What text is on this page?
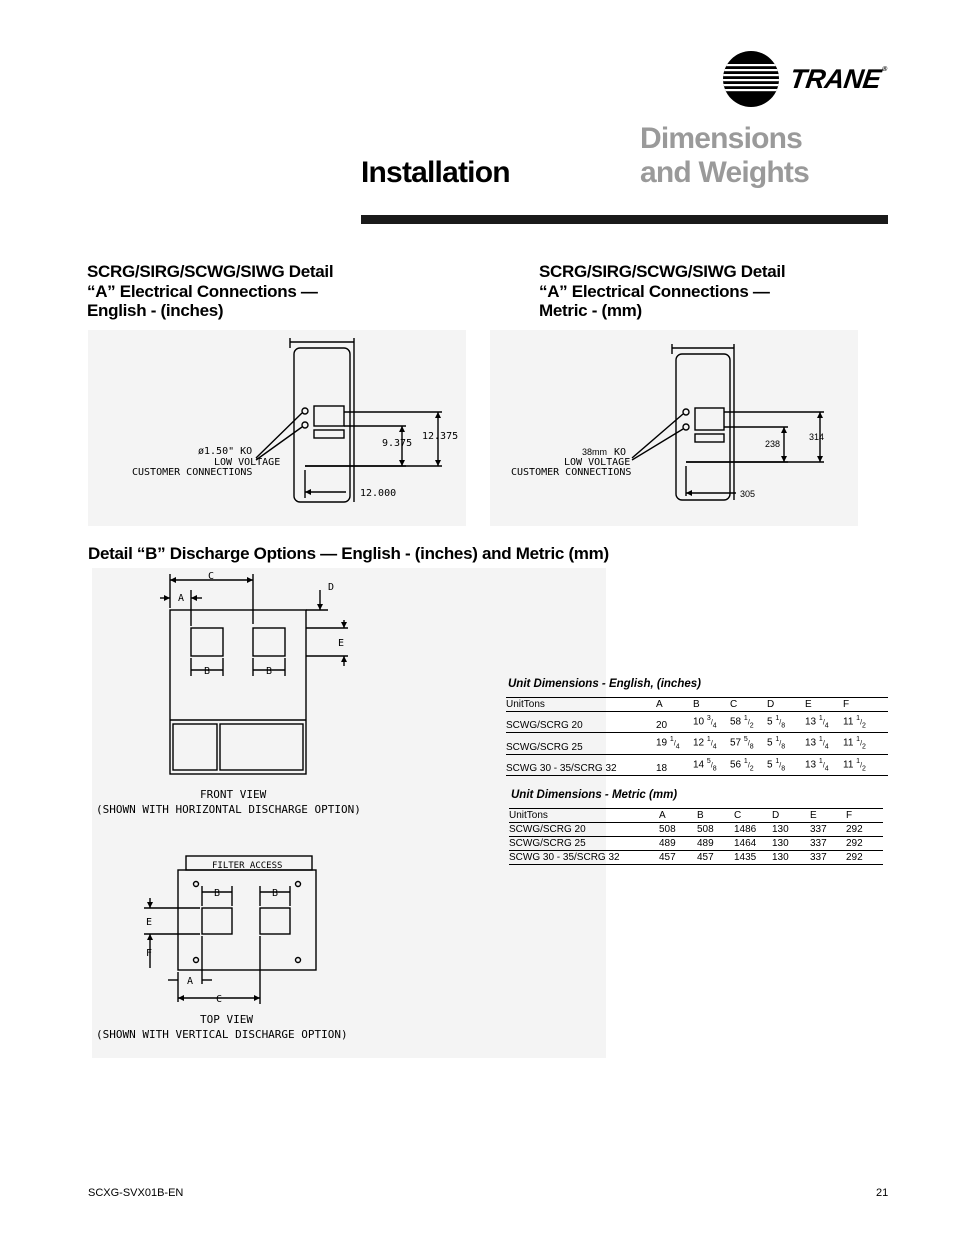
TRANE®
Dimensions
and Weights
Installation
SCRG/SIRG/SCWG/SIWG Detail
“A” Electrical Connections —
English - (inches)
ø1.50" KO
LOW VOLTAGE
CUSTOMER CONNECTIONS
9.375
12.375
12.000
SCRG/SIRG/SCWG/SIWG Detail
“A” Electrical Connections —
Metric - (mm)
38mm KO
LOW VOLTAGE
CUSTOMER CONNECTIONS
238
314
305
Detail “B” Discharge Options — English - (inches) and Metric (mm)
C
A
D
E
B	B
FRONT VIEW
(SHOWN WITH HORIZONTAL DISCHARGE OPTION)
FILTER ACCESS
B	B
E
F
A
C
TOP VIEW
(SHOWN WITH VERTICAL DISCHARGE OPTION)
Unit Dimensions - English, (inches)
UnitTons	A	B	C	D	E	F
SCWG/SCRG 20	20	10 $^3/_4$	58 $^1/_2$	5 $^1/_8$	13 $^1/_4$	11 $^1/_2$
SCWG/SCRG 25	19 $^1/_4$	12 $^1/_4$	57 $^5/_8$	5 $^1/_8$	13 $^1/_4$	11 $^1/_2$
SCWG 30 - 35/SCRG 32	18	14 $^5/_8$	56 $^1/_2$	5 $^1/_8$	13 $^1/_4$	11 $^1/_2$
Unit Dimensions - Metric (mm)
UnitTons	A	B	C	D	E	F
SCWG/SCRG 20	508	508	1486	130	337	292
SCWG/SCRG 25	489	489	1464	130	337	292
SCWG 30 - 35/SCRG 32	457	457	1435	130	337	292
SCXG-SVX01B-EN	21
